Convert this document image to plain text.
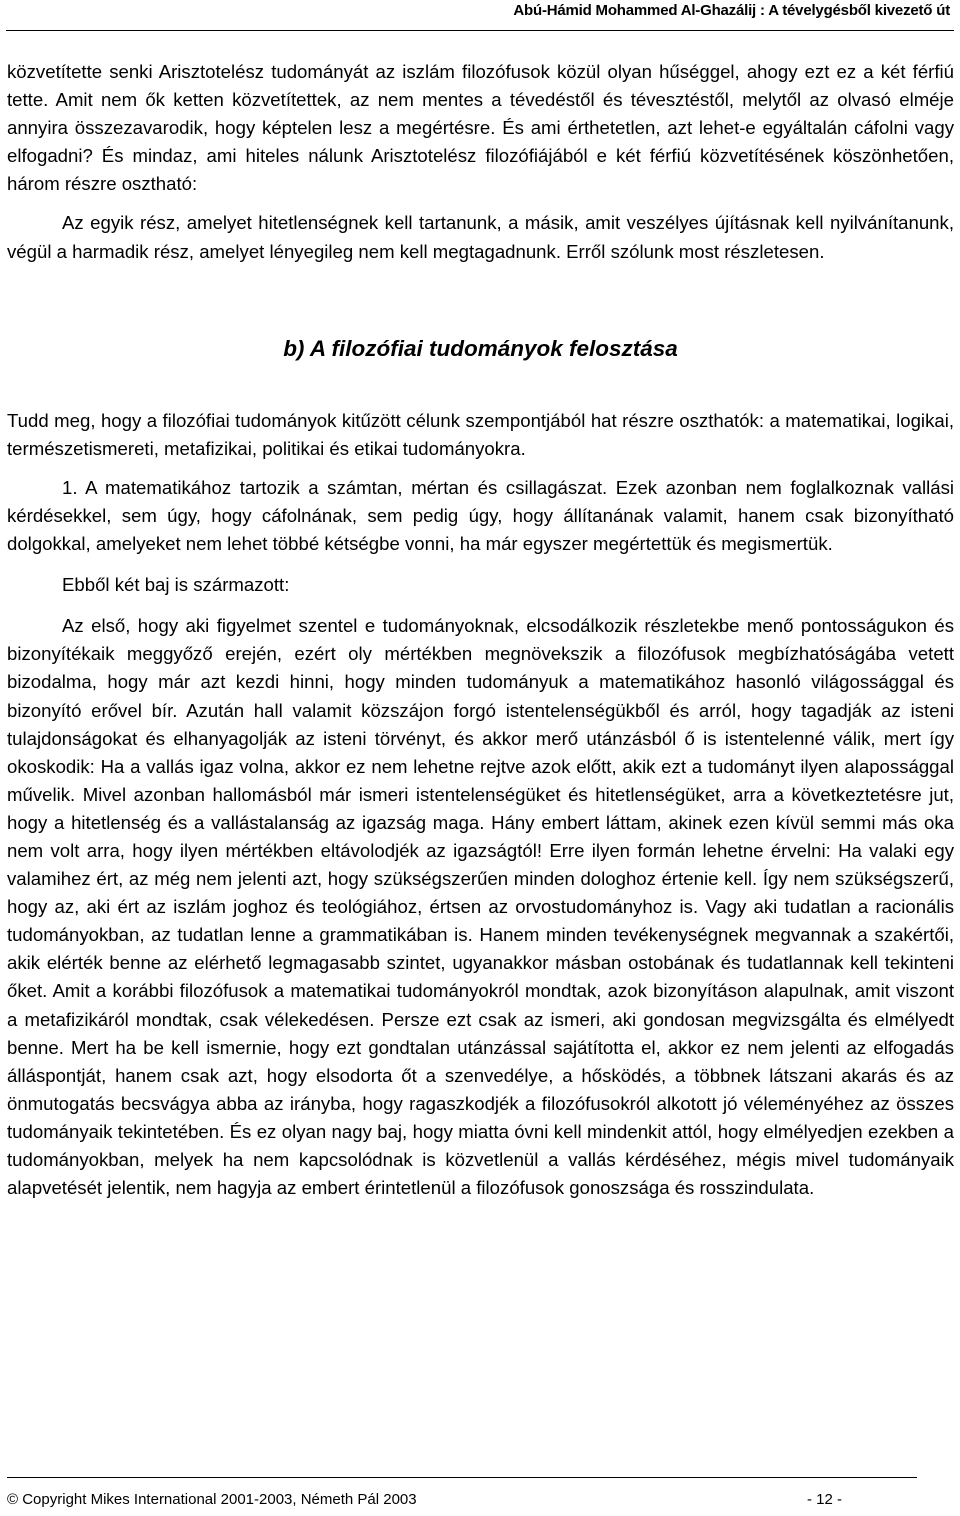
Abú-Hámid Mohammed Al-Ghazálij : A tévelygésből kivezető út

közvetítette senki Arisztotelész tudományát az iszlám filozófusok közül olyan hűséggel, ahogy ezt ez a két férfiú tette. Amit nem ők ketten közvetítettek, az nem mentes a tévedéstől és tévesztéstől, melytől az olvasó elméje annyira összezavarodik, hogy képtelen lesz a megértésre. És ami érthetetlen, azt lehet-e egyáltalán cáfolni vagy elfogadni? És mindaz, ami hiteles nálunk Arisztotelész filozófiájából e két férfiú közvetítésének köszönhetően, három részre osztható:

Az egyik rész, amelyet hitetlenségnek kell tartanunk, a másik, amit veszélyes újításnak kell nyilvánítanunk, végül a harmadik rész, amelyet lényegileg nem kell megtagadnunk. Erről szólunk most részletesen.

b) A filozófiai tudományok felosztása

Tudd meg, hogy a filozófiai tudományok kitűzött célunk szempontjából hat részre oszthatók: a matematikai, logikai, természetismereti, metafizikai, politikai és etikai tudományokra.

1. A matematikához tartozik a számtan, mértan és csillagászat. Ezek azonban nem foglalkoznak vallási kérdésekkel, sem úgy, hogy cáfolnának, sem pedig úgy, hogy állítanának valamit, hanem csak bizonyítható dolgokkal, amelyeket nem lehet többé kétségbe vonni, ha már egyszer megértettük és megismertük.

Ebből két baj is származott:

Az első, hogy aki figyelmet szentel e tudományoknak, elcsodálkozik részletekbe menő pontosságukon és bizonyítékaik meggyőző erején, ezért oly mértékben megnövekszik a filozófusok megbízhatóságába vetett bizodalma, hogy már azt kezdi hinni, hogy minden tudományuk a matematikához hasonló világossággal és bizonyító erővel bír. Azután hall valamit közszájon forgó istentelenségükből és arról, hogy tagadják az isteni tulajdonságokat és elhanyagolják az isteni törvényt, és akkor merő utánzásból ő is istentelenné válik, mert így okoskodik: Ha a vallás igaz volna, akkor ez nem lehetne rejtve azok előtt, akik ezt a tudományt ilyen alapossággal művelik. Mivel azonban hallomásból már ismeri istentelenségüket és hitetlenségüket, arra a következtetésre jut, hogy a hitetlenség és a vallástalanság az igazság maga. Hány embert láttam, akinek ezen kívül semmi más oka nem volt arra, hogy ilyen mértékben eltávolodjék az igazságtól! Erre ilyen formán lehetne érvelni: Ha valaki egy valamihez ért, az még nem jelenti azt, hogy szükségszerűen minden dologhoz értenie kell. Így nem szükségszerű, hogy az, aki ért az iszlám joghoz és teológiához, értsen az orvostudományhoz is. Vagy aki tudatlan a racionális tudományokban, az tudatlan lenne a grammatikában is. Hanem minden tevékenységnek megvannak a szakértői, akik elérték benne az elérhető legmagasabb szintet, ugyanakkor másban ostobának és tudatlannak kell tekinteni őket. Amit a korábbi filozófusok a matematikai tudományokról mondtak, azok bizonyításon alapulnak, amit viszont a metafizikáról mondtak, csak vélekedésen. Persze ezt csak az ismeri, aki gondosan megvizsgálta és elmélyedt benne. Mert ha be kell ismernie, hogy ezt gondtalan utánzással sajátította el, akkor ez nem jelenti az elfogadás álláspontját, hanem csak azt, hogy elsodorta őt a szenvedélye, a hősködés, a többnek látszani akarás és az önmutogatás becsvágya abba az irányba, hogy ragaszkodjék a filozófusokról alkotott jó véleményéhez az összes tudományaik tekintetében. És ez olyan nagy baj, hogy miatta óvni kell mindenkit attól, hogy elmélyedjen ezekben a tudományokban, melyek ha nem kapcsolódnak is közvetlenül a vallás kérdéséhez, mégis mivel tudományaik alapvetését jelentik, nem hagyja az embert érintetlenül a filozófusok gonoszsága és rosszindulata.

© Copyright Mikes International 2001-2003, Németh Pál 2003	- 12 -
